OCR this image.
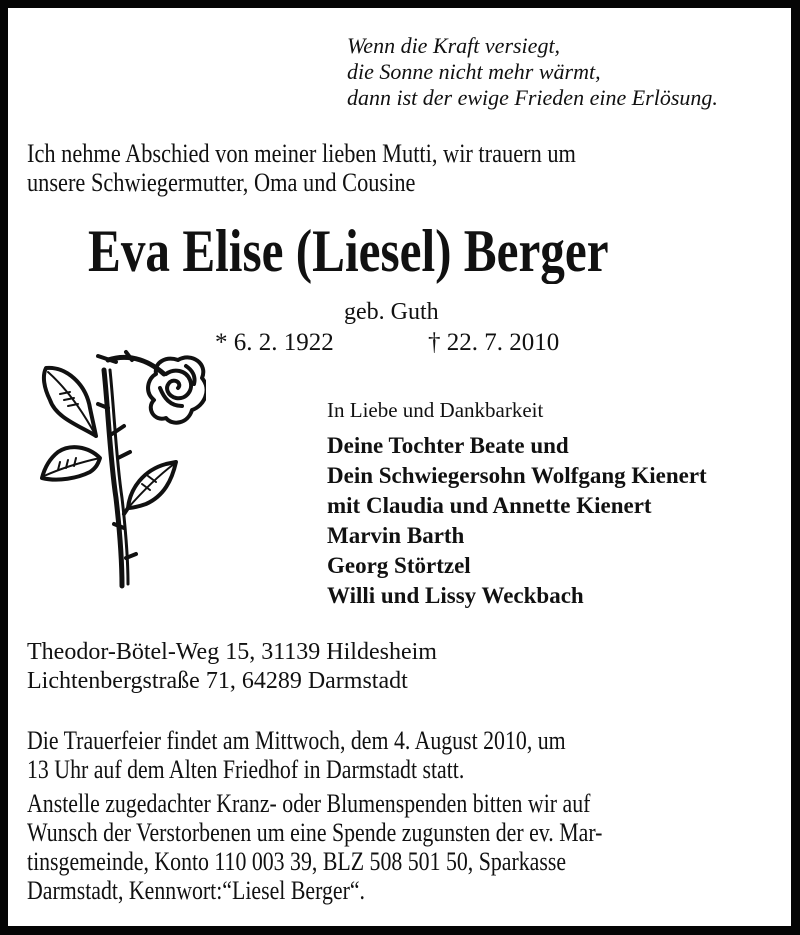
Wenn die Kraft versiegt,

die Sonne nicht mehr wärmt,

dann ist der ewige Frieden eine Erlösung.

Ich nehme Abschied von meiner lieben Mutti, wir trauern um

unsere Schwiegermutter, Oma und Cousine

Eva Elise (Liesel) Berger

geb. Guth

* 6. 2. 1922	† 22. 7. 2010

In Liebe und Dankbarkeit

Deine Tochter Beate und

Dein Schwiegersohn Wolfgang Kienert

mit Claudia und Annette Kienert

Marvin Barth

Georg Störtzel

Willi und Lissy Weckbach

Theodor-Bötel-Weg 15, 31139 Hildesheim

Lichtenbergstraße 71, 64289 Darmstadt

Die Trauerfeier findet am Mittwoch, dem 4. August 2010, um

13 Uhr auf dem Alten Friedhof in Darmstadt statt.

Anstelle zugedachter Kranz- oder Blumenspenden bitten wir auf

Wunsch der Verstorbenen um eine Spende zugunsten der ev. Mar-

tinsgemeinde, Konto 110 003 39, BLZ 508 501 50, Sparkasse

Darmstadt, Kennwort:“Liesel Berger“.
